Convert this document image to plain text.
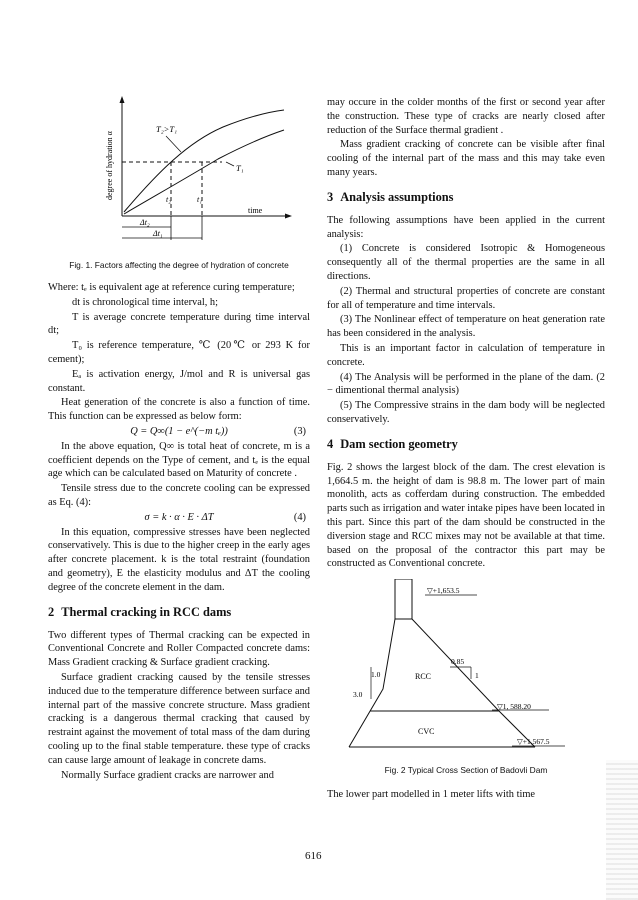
degree of hydration α
T₂>T₁
T₁
t₂	t₁
time
Δt₂
Δt₁

Fig. 1. Factors affecting the degree of hydration of concrete

Where: tₑ is equivalent age at reference curing temperature;

dt is chronological time interval, h;

T is average concrete temperature during time interval dt;

T₀ is reference temperature, ℃ (20℃ or 293 K for cement);

Eₐ is activation energy, J/mol and R is universal gas constant.

Heat generation of the concrete is also a function of time. This function can be expressed as below form:

Q = Q∞(1 − e^(−m tₑ))	(3)

In the above equation, Q∞ is total heat of concrete, m is a coefficient depends on the Type of cement, and tₑ is the equal age which can be calculated based on Maturity of concrete .

Tensile stress due to the concrete cooling can be expressed as Eq. (4):

σ = k · α · E · ΔT	(4)

In this equation, compressive stresses have been neglected conservatively. This is due to the higher creep in the early ages after concrete placement. k is the total restraint (foundation and geometry), E the elasticity modulus and ΔT the cooling degree of the concrete element in the dam.

2 Thermal cracking in RCC dams

Two different types of Thermal cracking can be expected in Conventional Concrete and Roller Compacted concrete dams: Mass Gradient cracking & Surface gradient cracking.

Surface gradient cracking caused by the tensile stresses induced due to the temperature difference between surface and internal part of the massive concrete structure. Mass gradient cracking is a dangerous thermal cracking that caused by restraint against the movement of total mass of the dam during cooling up to the final stable temperature. these type of cracks can cause large amount of leakage in concrete dams.

Normally Surface gradient cracks are narrower and

may occure in the colder months of the first or second year after the construction. These type of cracks are nearly closed after reduction of the Surface thermal gradient .

Mass gradient cracking of concrete can be visible after final cooling of the internal part of the mass and this may take even many years.

3 Analysis assumptions

The following assumptions have been applied in the current analysis:

(1) Concrete is considered Isotropic & Homogeneous consequently all of the thermal properties are the same in all directions.

(2) Thermal and structural properties of concrete are constant for all of temperature and time intervals.

(3) The Nonlinear effect of temperature on heat generation rate has been considered in the analysis.

This is an important factor in calculation of temperature in concrete.

(4) The Analysis will be performed in the plane of the dam. (2 − dimentional thermal analysis)

(5) The Compressive strains in the dam body will be neglected conservatively.

4 Dam section geometry

Fig. 2 shows the largest block of the dam. The crest elevation is 1,664.5 m. the height of dam is 98.8 m. The lower part of main monolith, acts as cofferdam during construction. The embedded parts such as irrigation and water intake pipes have been located in this part. Since this part of the dam should be constructed in the diversion stage and RCC mixes may not be available at that time. based on the proposal of the contractor this part may be constructed as Conventional concrete.

▽+1,653.5
0.85
1
1.0
3.0
RCC
CVC
▽1, 588.20
▽+1,567.5

Fig. 2 Typical Cross Section of Badovli Dam

The lower part modelled in 1 meter lifts with time

616
